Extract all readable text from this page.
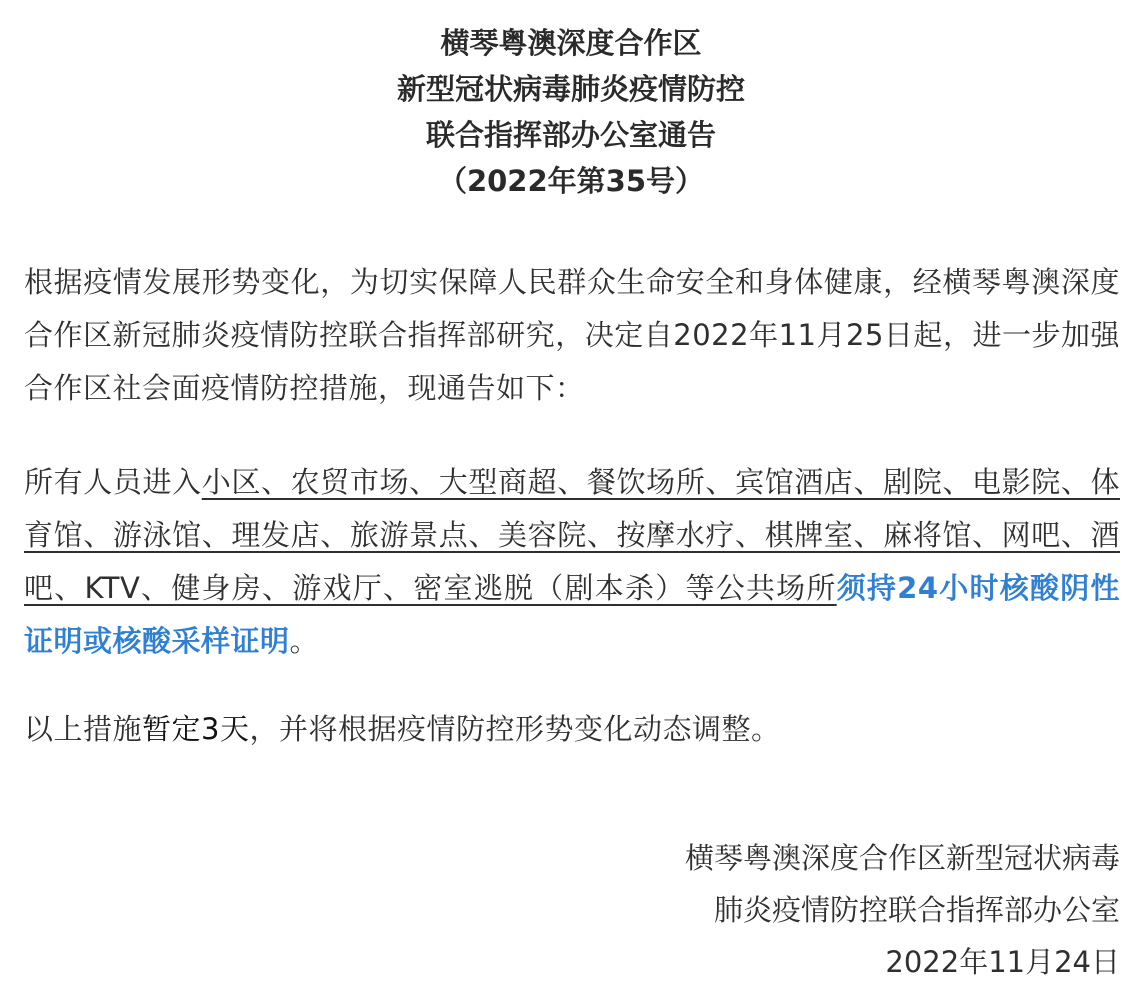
横琴粤澳深度合作区
新型冠状病毒肺炎疫情防控
联合指挥部办公室通告
（2022年第35号）

根据疫情发展形势变化，为切实保障人民群众生命安全和身体健康，经横琴粤澳深度合作区新冠肺炎疫情防控联合指挥部研究，决定自2022年11月25日起，进一步加强合作区社会面疫情防控措施，现通告如下：

所有人员进入小区、农贸市场、大型商超、餐饮场所、宾馆酒店、剧院、电影院、体育馆、游泳馆、理发店、旅游景点、美容院、按摩水疗、棋牌室、麻将馆、网吧、酒吧、KTV、健身房、游戏厅、密室逃脱（剧本杀）等公共场所须持24小时核酸阴性证明或核酸采样证明。

以上措施暂定3天，并将根据疫情防控形势变化动态调整。

横琴粤澳深度合作区新型冠状病毒
肺炎疫情防控联合指挥部办公室
2022年11月24日
